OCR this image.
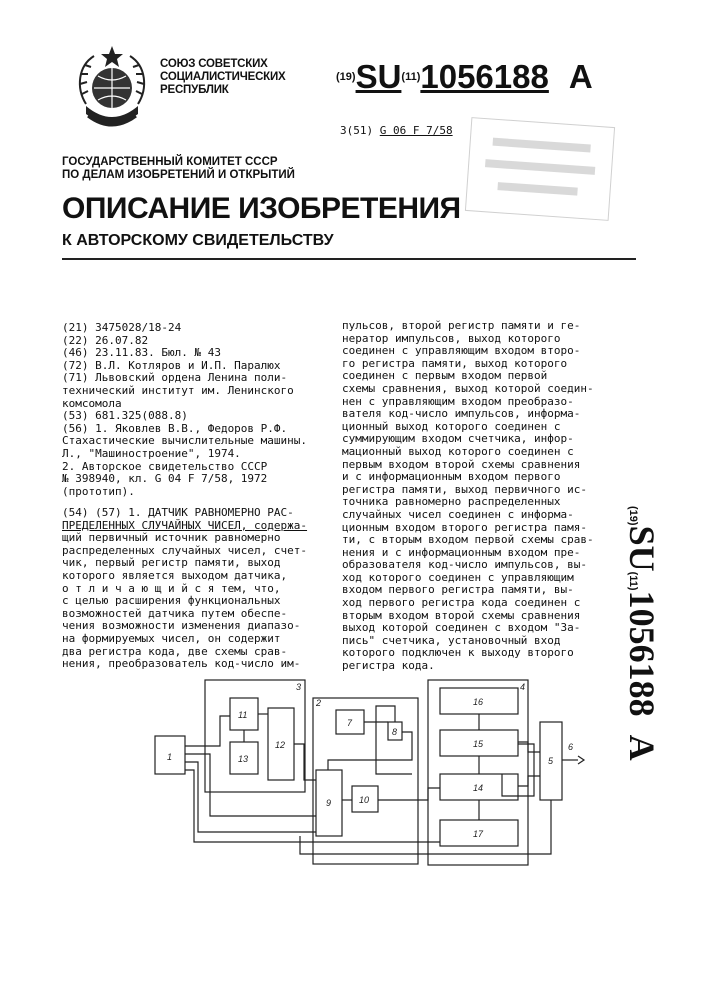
СОЮЗ СОВЕТСКИХ
СОЦИАЛИСТИЧЕСКИХ
РЕСПУБЛИК
(19)SU(11)1056188 A
3(51) G 06 F 7/58
ГОСУДАРСТВЕННЫЙ КОМИТЕТ СССР
ПО ДЕЛАМ ИЗОБРЕТЕНИЙ И ОТКРЫТИЙ
ОПИСАНИЕ ИЗОБРЕТЕНИЯ
К АВТОРСКОМУ СВИДЕТЕЛЬСТВУ
(21) 3475028/18-24
(22) 26.07.82
(46) 23.11.83. Бюл. № 43
(72) В.Л. Котляров и И.П. Паралюх
(71) Львовский ордена Ленина поли-
технический институт им. Ленинского
комсомола
(53) 681.325(088.8)
(56) 1. Яковлев В.В., Федоров Р.Ф.
Стахастические вычислительные машины.
Л., "Машиностроение", 1974.
2. Авторское свидетельство СССР
№ 398940, кл. G 04 F 7/58, 1972
(прототип).
(54) (57) 1. ДАТЧИК РАВНОМЕРНО РАС-
ПРЕДЕЛЕННЫХ СЛУЧАЙНЫХ ЧИСЕЛ, содержа-
щий первичный источник равномерно
распределенных случайных чисел, счет-
чик, первый регистр памяти, выход
которого является выходом датчика,
о т л и ч а ю щ и й с я тем, что,
с целью расширения функциональных
возможностей датчика путем обеспе-
чения возможности изменения диапазо-
на формируемых чисел, он содержит
два регистра кода, две схемы срав-
нения, преобразователь код-число им-
пульсов, второй регистр памяти и ге-
нератор импульсов, выход которого
соединен с управляющим входом второ-
го регистра памяти, выход которого
соединен с первым входом первой
схемы сравнения, выход которой соедин-
нен с управляющим входом преобразо-
вателя код-число импульсов, информа-
ционный выход которого соединен с
суммирующим входом счетчика, инфор-
мационный выход которого соединен с
первым входом второй схемы сравнения
и с информационным входом первого
регистра памяти, выход первичного ис-
точника равномерно распределенных
случайных чисел соединен с информа-
ционным входом второго регистра памя-
ти, с вторым входом первой схемы срав-
нения и с информационным входом пре-
образователя код-число импульсов, вы-
ход которого соединен с управляющим
входом первого регистра памяти, вы-
ход первого регистра кода соединен с
вторым входом второй схемы сравнения
выход которой соединен с входом "За-
пись" счетчика, установочный вход
которого подключен к выходу второго
регистра кода.
(19)SU(11)1056188  A
1
2
3	4
5
6
7
8
9	10
11
12
13
14
15
16
17
